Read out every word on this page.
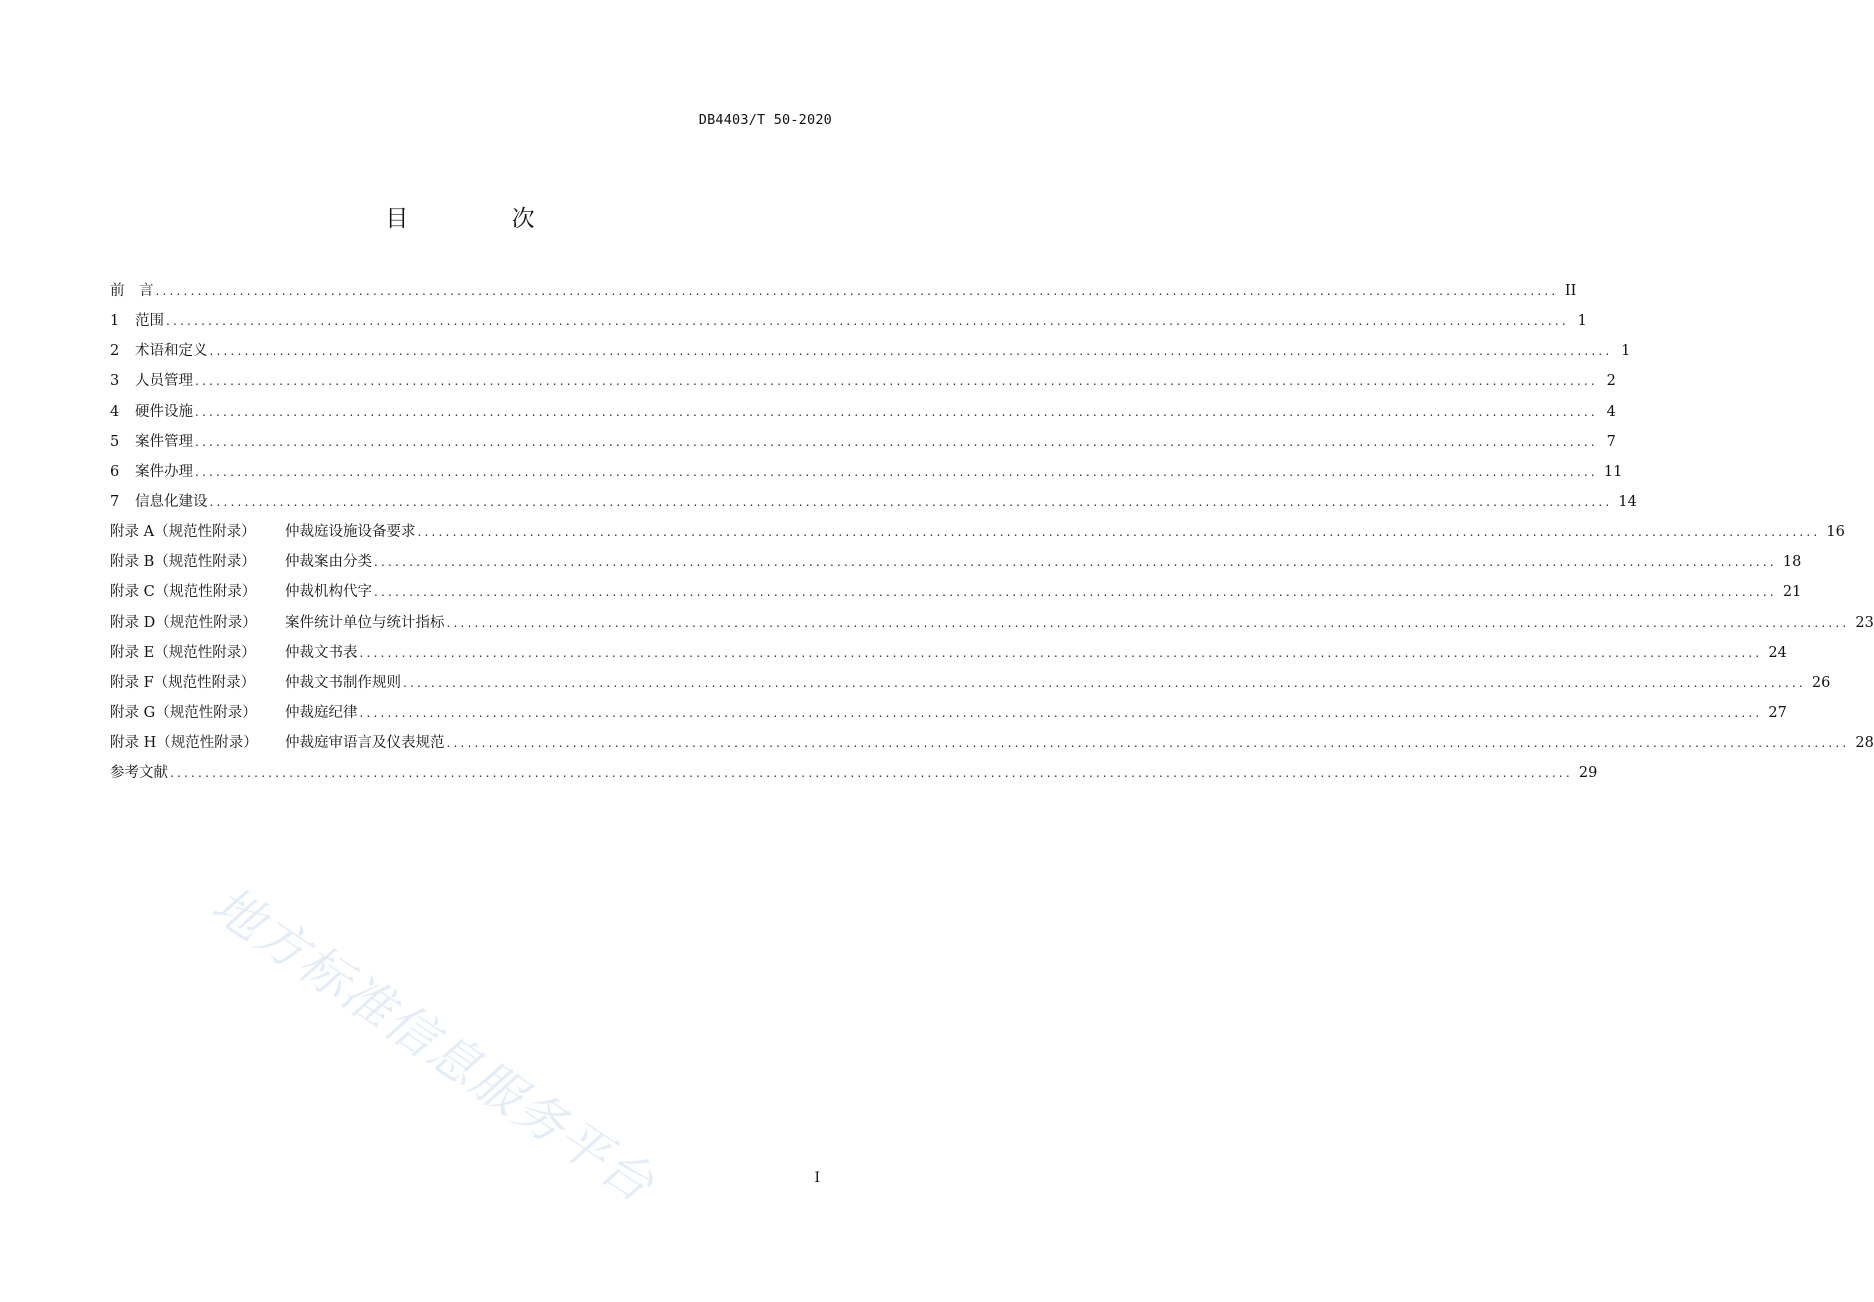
DB4403/T 50-2020
目 次
前　言 ........................................................................................................................................................................................................ II
1	范围 ........................................................................................................................................................................................................ 1
2	术语和定义 ........................................................................................................................................................................................................ 1
3	人员管理 ........................................................................................................................................................................................................ 2
4	硬件设施 ........................................................................................................................................................................................................ 4
5	案件管理 ........................................................................................................................................................................................................ 7
6	案件办理 ........................................................................................................................................................................................................ 11
7	信息化建设 ........................................................................................................................................................................................................ 14
附录 A（规范性附录）	仲裁庭设施设备要求 ........................................................................................................................................................................................................ 16
附录 B（规范性附录）	仲裁案由分类 ........................................................................................................................................................................................................ 18
附录 C（规范性附录）	仲裁机构代字 ........................................................................................................................................................................................................ 21
附录 D（规范性附录）	案件统计单位与统计指标 ........................................................................................................................................................................................................ 23
附录 E（规范性附录）	仲裁文书表 ........................................................................................................................................................................................................ 24
附录 F（规范性附录）	仲裁文书制作规则 ........................................................................................................................................................................................................ 26
附录 G（规范性附录）	仲裁庭纪律 ........................................................................................................................................................................................................ 27
附录 H（规范性附录）	仲裁庭审语言及仪表规范 ........................................................................................................................................................................................................ 28
参考文献 ........................................................................................................................................................................................................ 29
地方标准信息服务平台	I
